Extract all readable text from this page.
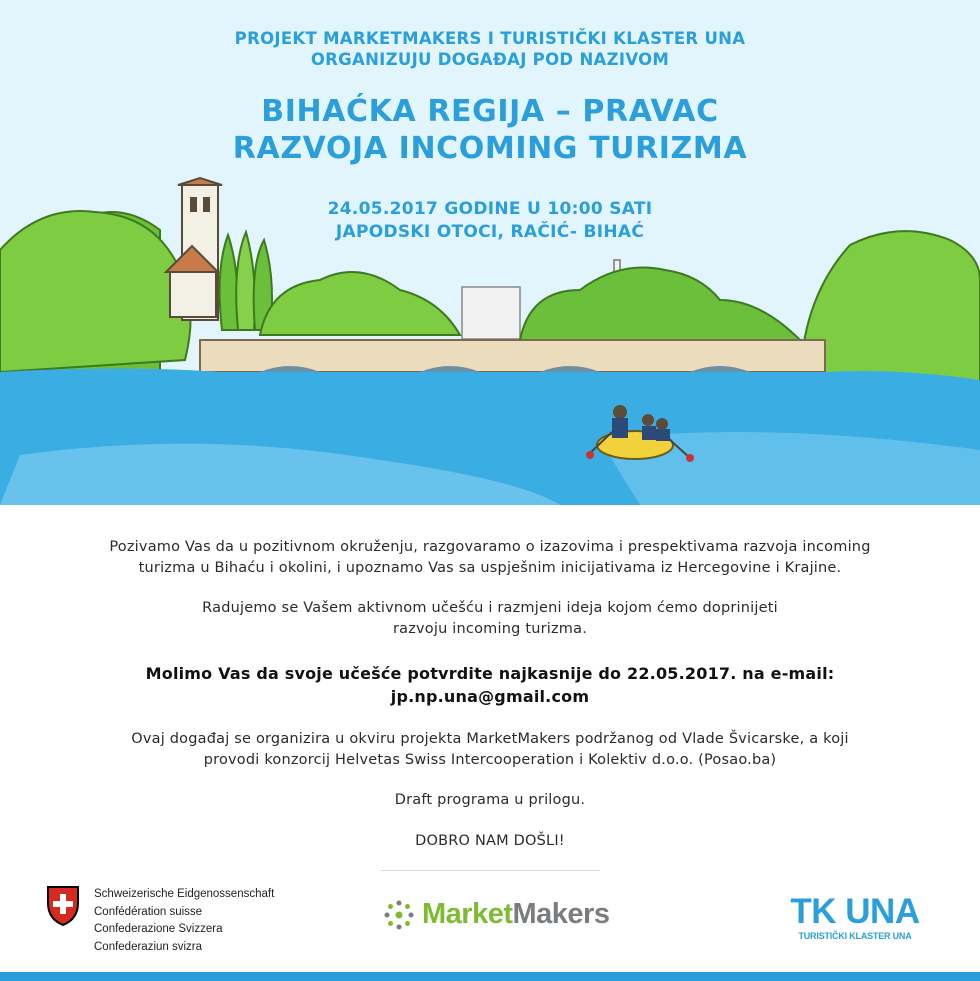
PROJEKT MARKETMAKERS I TURISTIČKI KLASTER UNA
ORGANIZUJU DOGAĐAJ POD NAZIVOM

BIHAĆKA REGIJA – PRAVAC
RAZVOJA INCOMING TURIZMA

24.05.2017 GODINE U 10:00 SATI
JAPODSKI OTOCI, RAČIĆ- BIHAĆ

Pozivamo Vas da u pozitivnom okruženju, razgovaramo o izazovima i prespektivama razvoja incoming
turizma u Bihaću i okolini, i upoznamo Vas sa uspješnim inicijativama iz Hercegovine i Krajine.

Radujemo se Vašem aktivnom učešću i razmjeni ideja kojom ćemo doprinijeti
razvoju incoming turizma.

Molimo Vas da svoje učešće potvrdite najkasnije do 22.05.2017. na e-mail:
jp.np.una@gmail.com

Ovaj događaj se organizira u okviru projekta MarketMakers podržanog od Vlade Švicarske, a koji
provodi konzorcij Helvetas Swiss Intercooperation i Kolektiv d.o.o. (Posao.ba)

Draft programa u prilogu.

DOBRO NAM DOŠLI!

Schweizerische Eidgenossenschaft
Confédération suisse
Confederazione Svizzera
Confederaziun svizra
MarketMakers	TK UNA
TURISTIČKI KLASTER UNA
